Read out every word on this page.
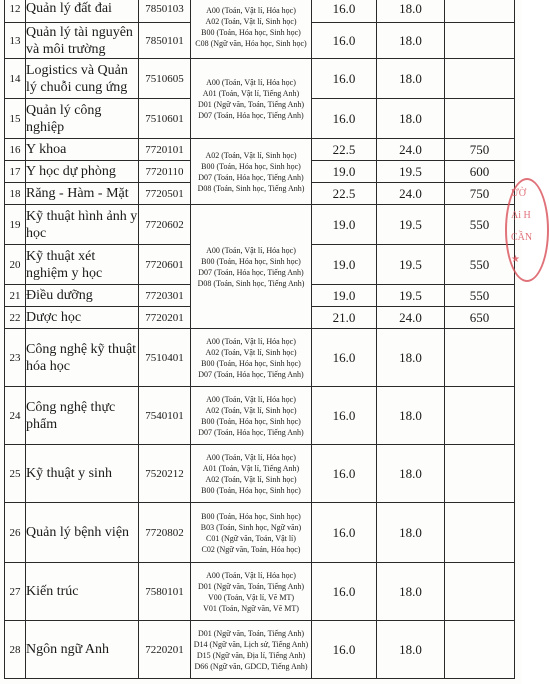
12	Quản lý đất đai	7850103	A00 (Toán, Vật lí, Hóa học)
A02 (Toán, Vật lí, Sinh học)
B00 (Toán, Hóa học, Sinh học)
C08 (Ngữ văn, Hóa học, Sinh học)	16.0	18.0	
13	Quản lý tài nguyên và môi trường	7850101		16.0	18.0	
14	Logistics và Quản lý chuỗi cung ứng	7510605	A00 (Toán, Vật lí, Hóa học)
A01 (Toán, Vật lí, Tiếng Anh)
D01 (Ngữ văn, Toán, Tiếng Anh)
D07 (Toán, Hóa học, Tiếng Anh)	16.0	18.0	
15	Quản lý công nghiệp	7510601		16.0	18.0	
16	Y khoa	7720101	A02 (Toán, Vật lí, Sinh học)
B00 (Toán, Hóa học, Sinh học)
D07 (Toán, Hóa học, Tiếng Anh)
D08 (Toán, Sinh học, Tiếng Anh)	22.5	24.0	750
17	Y học dự phòng	7720110		19.0	19.5	600
18	Răng - Hàm - Mặt	7720501		22.5	24.0	750
19	Kỹ thuật hình ảnh y học	7720602	A00 (Toán, Vật lí, Hóa học)
B00 (Toán, Hóa học, Sinh học)
D07 (Toán, Hóa học, Tiếng Anh)
D08 (Toán, Sinh học, Tiếng Anh)	19.0	19.5	550
20	Kỹ thuật xét nghiệm y học	7720601		19.0	19.5	550
21	Điều dưỡng	7720301		19.0	19.5	550
22	Dược học	7720201		21.0	24.0	650
23	Công nghệ kỹ thuật hóa học	7510401	A00 (Toán, Vật lí, Hóa học)
A02 (Toán, Vật lí, Sinh học)
B00 (Toán, Hóa học, Sinh học)
D07 (Toán, Hóa học, Tiếng Anh)	16.0	18.0	
24	Công nghệ thực phẩm	7540101	A00 (Toán, Vật lí, Hóa học)
A02 (Toán, Vật lí, Sinh học)
B00 (Toán, Hóa học, Sinh học)
D07 (Toán, Hóa học, Tiếng Anh)	16.0	18.0	
25	Kỹ thuật y sinh	7520212	A00 (Toán, Vật lí, Hóa học)
A01 (Toán, Vật lí, Tiếng Anh)
A02 (Toán, Vật lí, Sinh học)
B00 (Toán, Hóa học, Sinh học)	16.0	18.0	
26	Quản lý bệnh viện	7720802	B00 (Toán, Hóa học, Sinh học)
B03 (Toán, Sinh học, Ngữ văn)
C01 (Ngữ văn, Toán, Vật lí)
C02 (Ngữ văn, Toán, Hóa học)	16.0	18.0	
27	Kiến trúc	7580101	A00 (Toán, Vật lí, Hóa học)
D01 (Ngữ văn, Toán, Tiếng Anh)
V00 (Toán, Vật lí, Vẽ MT)
V01 (Toán, Ngữ văn, Vẽ MT)	16.0	18.0	
28	Ngôn ngữ Anh	7220201	D01 (Ngữ văn, Toán, Tiếng Anh)
D14 (Ngữ văn, Lịch sử, Tiếng Anh)
D15 (Ngữ văn, Địa lí, Tiếng Anh)
D66 (Ngữ văn, GDCD, Tiếng Anh)	16.0	18.0	
ƯỜ
Ại H
CẦN
★
